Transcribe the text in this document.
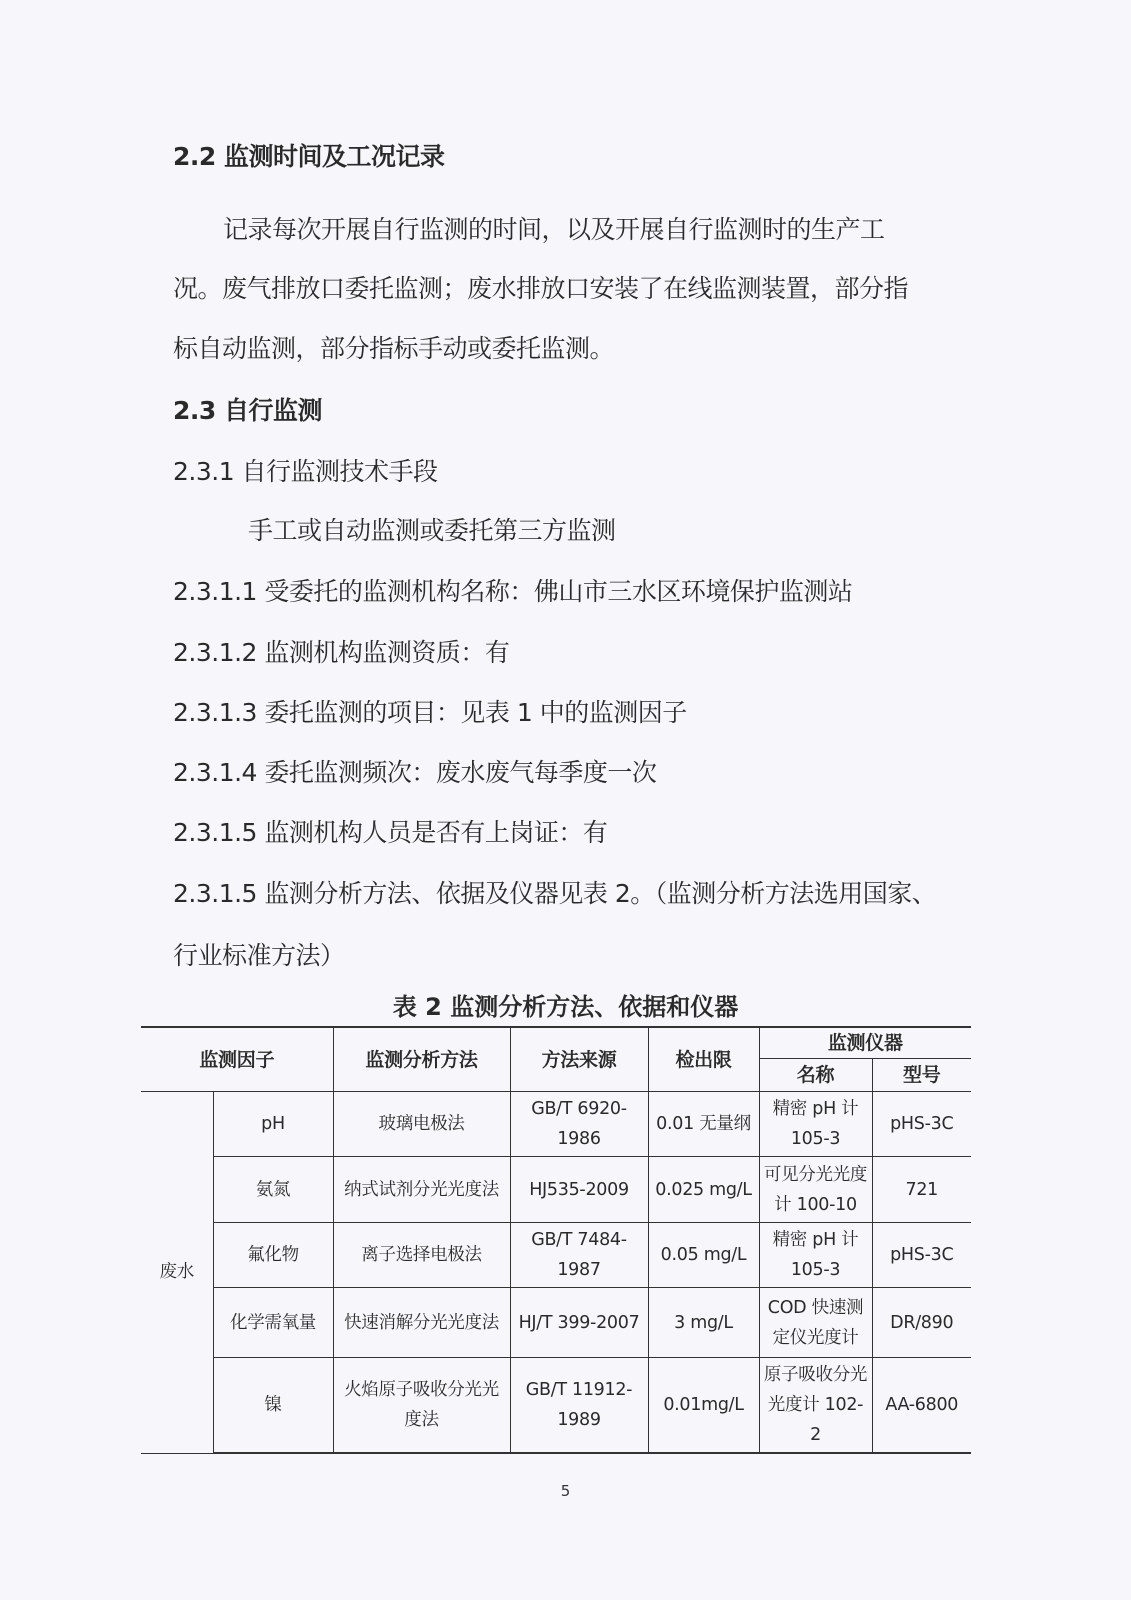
2.2 监测时间及工况记录
记录每次开展自行监测的时间，以及开展自行监测时的生产工
况。废气排放口委托监测；废水排放口安装了在线监测装置，部分指
标自动监测，部分指标手动或委托监测。
2.3 自行监测
2.3.1 自行监测技术手段
手工或自动监测或委托第三方监测
2.3.1.1 受委托的监测机构名称：佛山市三水区环境保护监测站
2.3.1.2 监测机构监测资质：有
2.3.1.3 委托监测的项目：见表 1 中的监测因子
2.3.1.4 委托监测频次：废水废气每季度一次
2.3.1.5 监测机构人员是否有上岗证：有
2.3.1.5 监测分析方法、依据及仪器见表 2。（监测分析方法选用国家、
行业标准方法）
表 2 监测分析方法、依据和仪器
监测因子		监测分析方法	方法来源	检出限	监测仪器	
					名称	型号
废水	pH	玻璃电极法	GB/T 6920-1986	0.01 无量纲	精密 pH 计 105-3	pHS-3C
	氨氮	纳式试剂分光光度法	HJ535-2009	0.025 mg/L	可见分光光度计 100-10	721
	氟化物	离子选择电极法	GB/T 7484-1987	0.05 mg/L	精密 pH 计 105-3	pHS-3C
	化学需氧量	快速消解分光光度法	HJ/T 399-2007	3 mg/L	COD 快速测定仪光度计	DR/890
	镍	火焰原子吸收分光光度法	GB/T 11912-1989	0.01mg/L	原子吸收分光光度计 102-2	AA-6800
5
